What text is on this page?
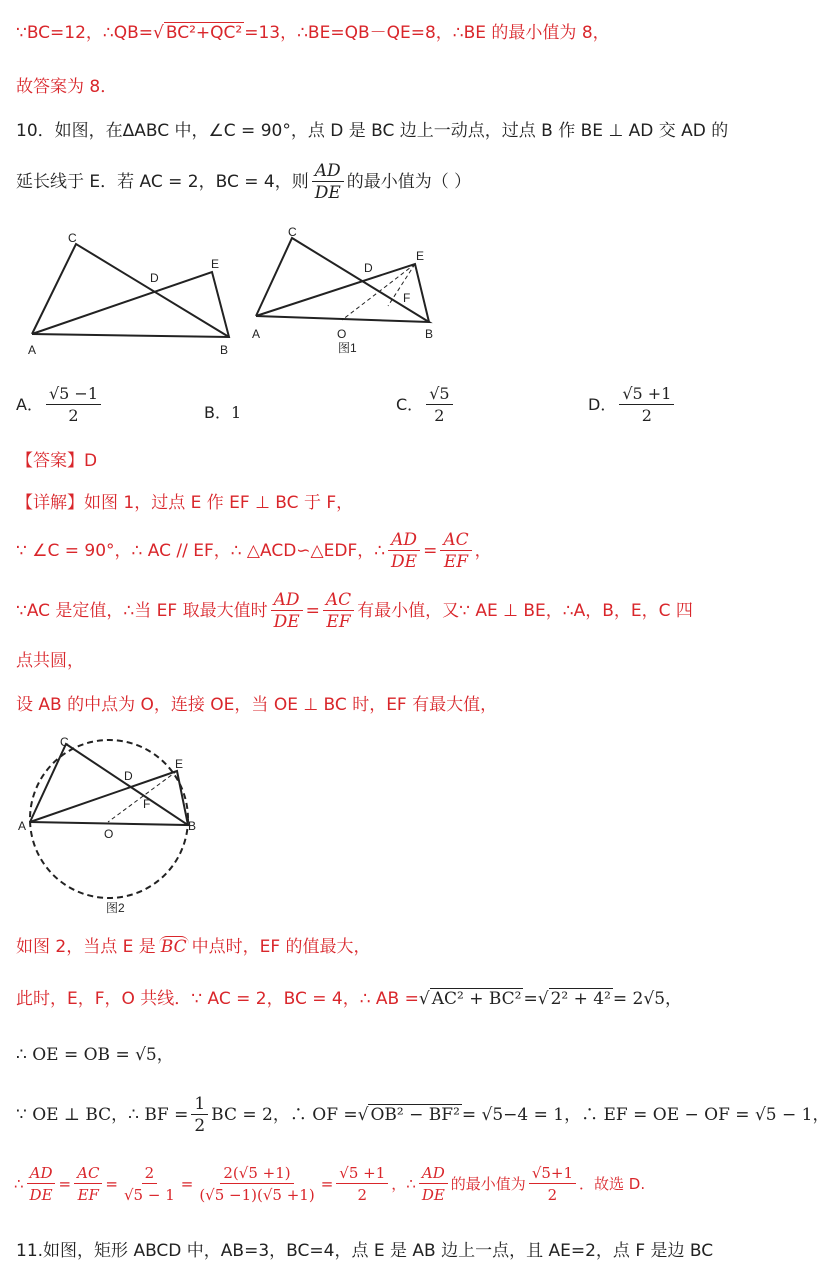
∵BC=12，∴QB=√ BC²+QC² =13，∴BE=QB－QE=8，∴BE 的最小值为 8，
故答案为 8．
10．如图，在ΔABC 中，∠C = 90°，点 D 是 BC 边上一动点，过点 B 作 BE ⊥ AD 交 AD 的
延长线于 E．若 AC = 2，BC = 4，则 $\frac{AD}{DE}$ 的最小值为（ ）
C
D
E
A	B
C
D
E
F
A	O	B
图1
A． $\frac{√5 -1}{2}$	B．1	C． $\frac{√5}{2}$	D． $\frac{√5 +1}{2}$
【答案】D
【详解】如图 1，过点 E 作 EF ⊥ BC 于 F，
∵ ∠C = 90°，∴ AC // EF，∴ △ACD∽△EDF，∴ $\frac{AD}{DE} = \frac{AC}{EF}$ ，
∵AC 是定值，∴当 EF 取最大值时 $\frac{AD}{DE} = \frac{AC}{EF}$ 有最小值，又∵ AE ⊥ BE，∴A，B，E，C 四
点共圆，
设 AB 的中点为 O，连接 OE，当 OE ⊥ BC 时，EF 有最大值，
C
D
E
F
A
O
B
图2
如图 2，当点 E 是 BC 中点时，EF 的值最大，
此时，E，F，O 共线．∵ AC = 2，BC = 4，∴ AB =√ AC² + BC² =√ 2² + 4² = 2√5，
∴ OE = OB = √5，
∵ OE ⊥ BC，∴ BF = $\frac{1}{2}$ BC = 2，∴ OF =√ OB² − BF² = √5−4 = 1，∴ EF = OE − OF = √5 − 1，
∴ $\frac{AD}{DE} = \frac{AC}{EF} = \frac{2}{√5 - 1} = \frac{2(√5 +1)}{(√5 -1)(√5 +1)} = \frac{√5 +1}{2}$ ，∴ $\frac{AD}{DE}$ 的最小值为 $\frac{√5+1}{2}$ ．故选 D.
11.如图，矩形 ABCD 中，AB=3，BC=4，点 E 是 AB 边上一点，且 AE=2，点 F 是边 BC
